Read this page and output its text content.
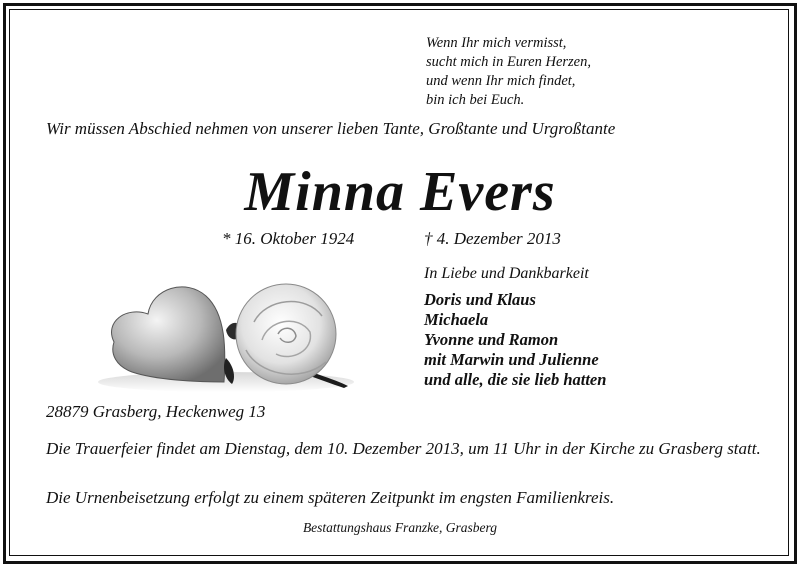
Wenn Ihr mich vermisst,
sucht mich in Euren Herzen,
und wenn Ihr mich findet,
bin ich bei Euch.
Wir müssen Abschied nehmen von unserer lieben Tante, Großtante und Urgroßtante
Minna Evers
* 16. Oktober 1924	† 4. Dezember 2013
In Liebe und Dankbarkeit
Doris und Klaus
Michaela
Yvonne und Ramon
mit Marwin und Julienne
und alle, die sie lieb hatten
28879 Grasberg, Heckenweg 13
Die Trauerfeier findet am Dienstag, dem 10. Dezember 2013, um 11 Uhr in der Kirche zu Grasberg statt.
Die Urnenbeisetzung erfolgt zu einem späteren Zeitpunkt im engsten Familienkreis.
Bestattungshaus Franzke, Grasberg
